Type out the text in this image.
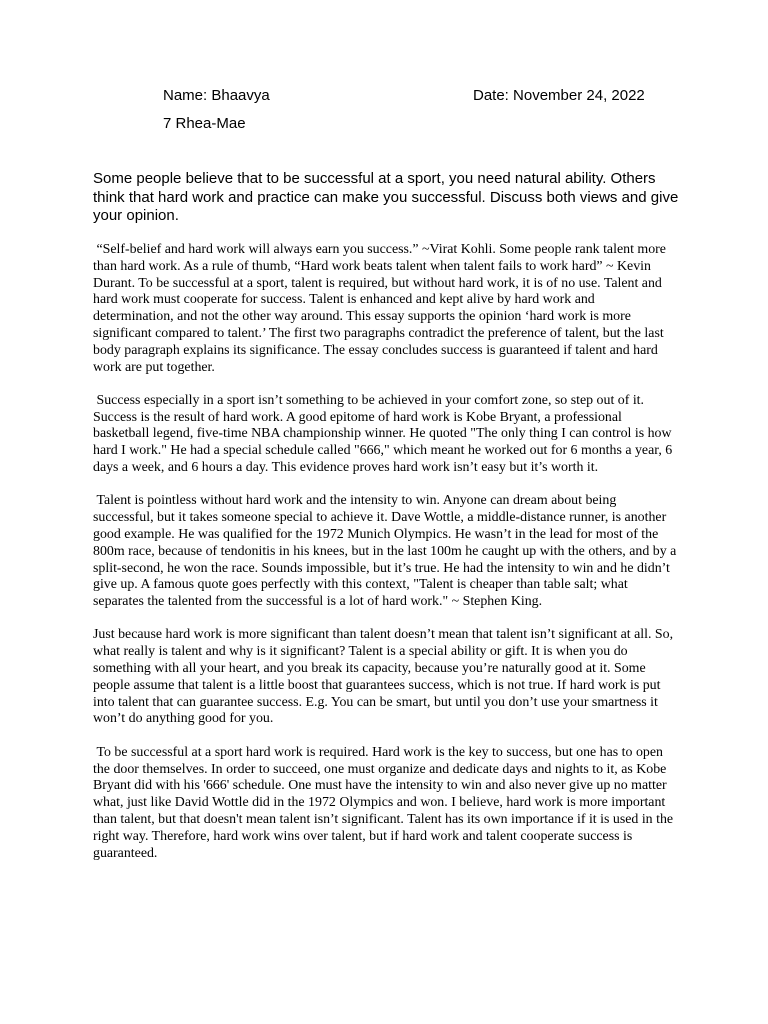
Name: Bhaavya	Date: November 24, 2022
7 Rhea-Mae

Some people believe that to be successful at a sport, you need natural ability. Others think that hard work and practice can make you successful. Discuss both views and give your opinion.

“Self-belief and hard work will always earn you success.” ~Virat Kohli. Some people rank talent more than hard work. As a rule of thumb, “Hard work beats talent when talent fails to work hard” ~ Kevin Durant. To be successful at a sport, talent is required, but without hard work, it is of no use. Talent and hard work must cooperate for success. Talent is enhanced and kept alive by hard work and determination, and not the other way around. This essay supports the opinion ‘hard work is more significant compared to talent.’ The first two paragraphs contradict the preference of talent, but the last body paragraph explains its significance. The essay concludes success is guaranteed if talent and hard work are put together.

Success especially in a sport isn’t something to be achieved in your comfort zone, so step out of it. Success is the result of hard work. A good epitome of hard work is Kobe Bryant, a professional basketball legend, five-time NBA championship winner. He quoted "The only thing I can control is how hard I work." He had a special schedule called "666," which meant he worked out for 6 months a year, 6 days a week, and 6 hours a day. This evidence proves hard work isn’t easy but it’s worth it.

Talent is pointless without hard work and the intensity to win. Anyone can dream about being successful, but it takes someone special to achieve it. Dave Wottle, a middle-distance runner, is another good example. He was qualified for the 1972 Munich Olympics. He wasn’t in the lead for most of the 800m race, because of tendonitis in his knees, but in the last 100m he caught up with the others, and by a split-second, he won the race. Sounds impossible, but it’s true. He had the intensity to win and he didn’t give up. A famous quote goes perfectly with this context, "Talent is cheaper than table salt; what separates the talented from the successful is a lot of hard work." ~ Stephen King.

Just because hard work is more significant than talent doesn’t mean that talent isn’t significant at all. So, what really is talent and why is it significant? Talent is a special ability or gift. It is when you do something with all your heart, and you break its capacity, because you’re naturally good at it. Some people assume that talent is a little boost that guarantees success, which is not true. If hard work is put into talent that can guarantee success. E.g. You can be smart, but until you don’t use your smartness it won’t do anything good for you.

To be successful at a sport hard work is required. Hard work is the key to success, but one has to open the door themselves. In order to succeed, one must organize and dedicate days and nights to it, as Kobe Bryant did with his '666' schedule. One must have the intensity to win and also never give up no matter what, just like David Wottle did in the 1972 Olympics and won. I believe, hard work is more important than talent, but that doesn't mean talent isn’t significant. Talent has its own importance if it is used in the right way. Therefore, hard work wins over talent, but if hard work and talent cooperate success is guaranteed.
